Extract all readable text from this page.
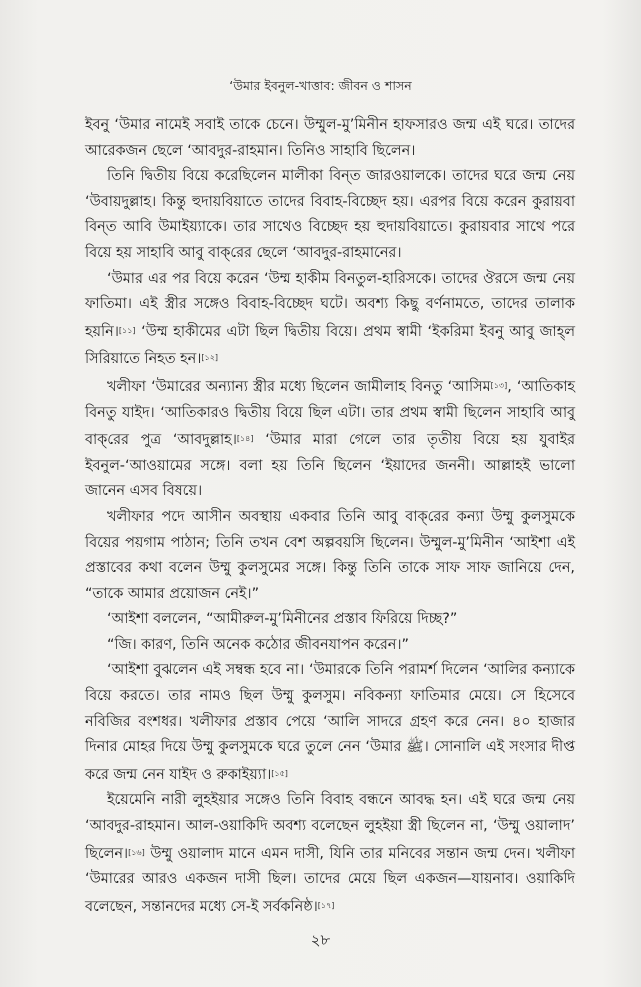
‘উমার ইবনুল-খাত্তাব: জীবন ও শাসন

ইবনু ‘উমার নামেই সবাই তাকে চেনে। উম্মুল-মু’মিনীন হাফসারও জন্ম এই ঘরে। তাদের আরেকজন ছেলে ‘আবদুর-রাহমান। তিনিও সাহাবি ছিলেন।

তিনি দ্বিতীয় বিয়ে করেছিলেন মালীকা বিন্‌ত জারওয়ালকে। তাদের ঘরে জন্ম নেয় ‘উবায়দুল্লাহ। কিন্তু হুদায়বিয়াতে তাদের বিবাহ-বিচ্ছেদ হয়। এরপর বিয়ে করেন কুরায়বা বিন্‌ত আবি উমাইয়্যাকে। তার সাথেও বিচ্ছেদ হয় হুদায়বিয়াতে। কুরায়বার সাথে পরে বিয়ে হয় সাহাবি আবু বাক্‌রের ছেলে ‘আবদুর-রাহমানের।

‘উমার এর পর বিয়ে করেন ‘উম্ম হাকীম বিনতুল-হারিসকে। তাদের ঔরসে জন্ম নেয় ফাতিমা। এই স্ত্রীর সঙ্গেও বিবাহ-বিচ্ছেদ ঘটে। অবশ্য কিছু বর্ণনামতে, তাদের তালাক হয়নি।[১১] ‘উম্ম হাকীমের এটা ছিল দ্বিতীয় বিয়ে। প্রথম স্বামী ‘ইকরিমা ইবনু আবু জাহ্‌ল সিরিয়াতে নিহত হন।[১২]

খলীফা ‘উমারের অন্যান্য স্ত্রীর মধ্যে ছিলেন জামীলাহ বিনতু ‘আসিম[১৩], ‘আতিকাহ বিনতু যাইদ। ‘আতিকারও দ্বিতীয় বিয়ে ছিল এটা। তার প্রথম স্বামী ছিলেন সাহাবি আবু বাক্‌রের পুত্র ‘আবদুল্লাহ।[১৪] ‘উমার মারা গেলে তার তৃতীয় বিয়ে হয় যুবাইর ইবনুল-‘আওয়ামের সঙ্গে। বলা হয় তিনি ছিলেন ‘ইয়াদের জননী। আল্লাহই ভালো জানেন এসব বিষয়ে।

খলীফার পদে আসীন অবস্থায় একবার তিনি আবু বাক্‌রের কন্যা উম্মু কুলসুমকে বিয়ের পয়গাম পাঠান; তিনি তখন বেশ অল্পবয়সি ছিলেন। উম্মুল-মু’মিনীন ‘আইশা এই প্রস্তাবের কথা বলেন উম্মু কুলসুমের সঙ্গে। কিন্তু তিনি তাকে সাফ সাফ জানিয়ে দেন, “তাকে আমার প্রয়োজন নেই।”

‘আইশা বললেন, “আমীরুল-মু’মিনীনের প্রস্তাব ফিরিয়ে দিচ্ছ?”

“জি। কারণ, তিনি অনেক কঠোর জীবনযাপন করেন।”

‘আইশা বুঝলেন এই সম্বন্ধ হবে না। ‘উমারকে তিনি পরামর্শ দিলেন ‘আলির কন্যাকে বিয়ে করতে। তার নামও ছিল উম্মু কুলসুম। নবিকন্যা ফাতিমার মেয়ে। সে হিসেবে নবিজির বংশধর। খলীফার প্রস্তাব পেয়ে ‘আলি সাদরে গ্রহণ করে নেন। ৪০ হাজার দিনার মোহর দিয়ে উম্মু কুলসুমকে ঘরে তুলে নেন ‘উমার ﷺ। সোনালি এই সংসার দীপ্ত করে জন্ম নেন যাইদ ও রুকাইয়্যা।[১৫]

ইয়েমেনি নারী লুহইয়ার সঙ্গেও তিনি বিবাহ বন্ধনে আবদ্ধ হন। এই ঘরে জন্ম নেয় ‘আবদুর-রাহমান। আল-ওয়াকিদি অবশ্য বলেছেন লুহইয়া স্ত্রী ছিলেন না, ‘উম্মু ওয়ালাদ’ ছিলেন।[১৬] উম্মু ওয়ালাদ মানে এমন দাসী, যিনি তার মনিবের সন্তান জন্ম দেন। খলীফা ‘উমারের আরও একজন দাসী ছিল। তাদের মেয়ে ছিল একজন—যায়নাব। ওয়াকিদি বলেছেন, সন্তানদের মধ্যে সে-ই সর্বকনিষ্ঠ।[১৭]

২৮
